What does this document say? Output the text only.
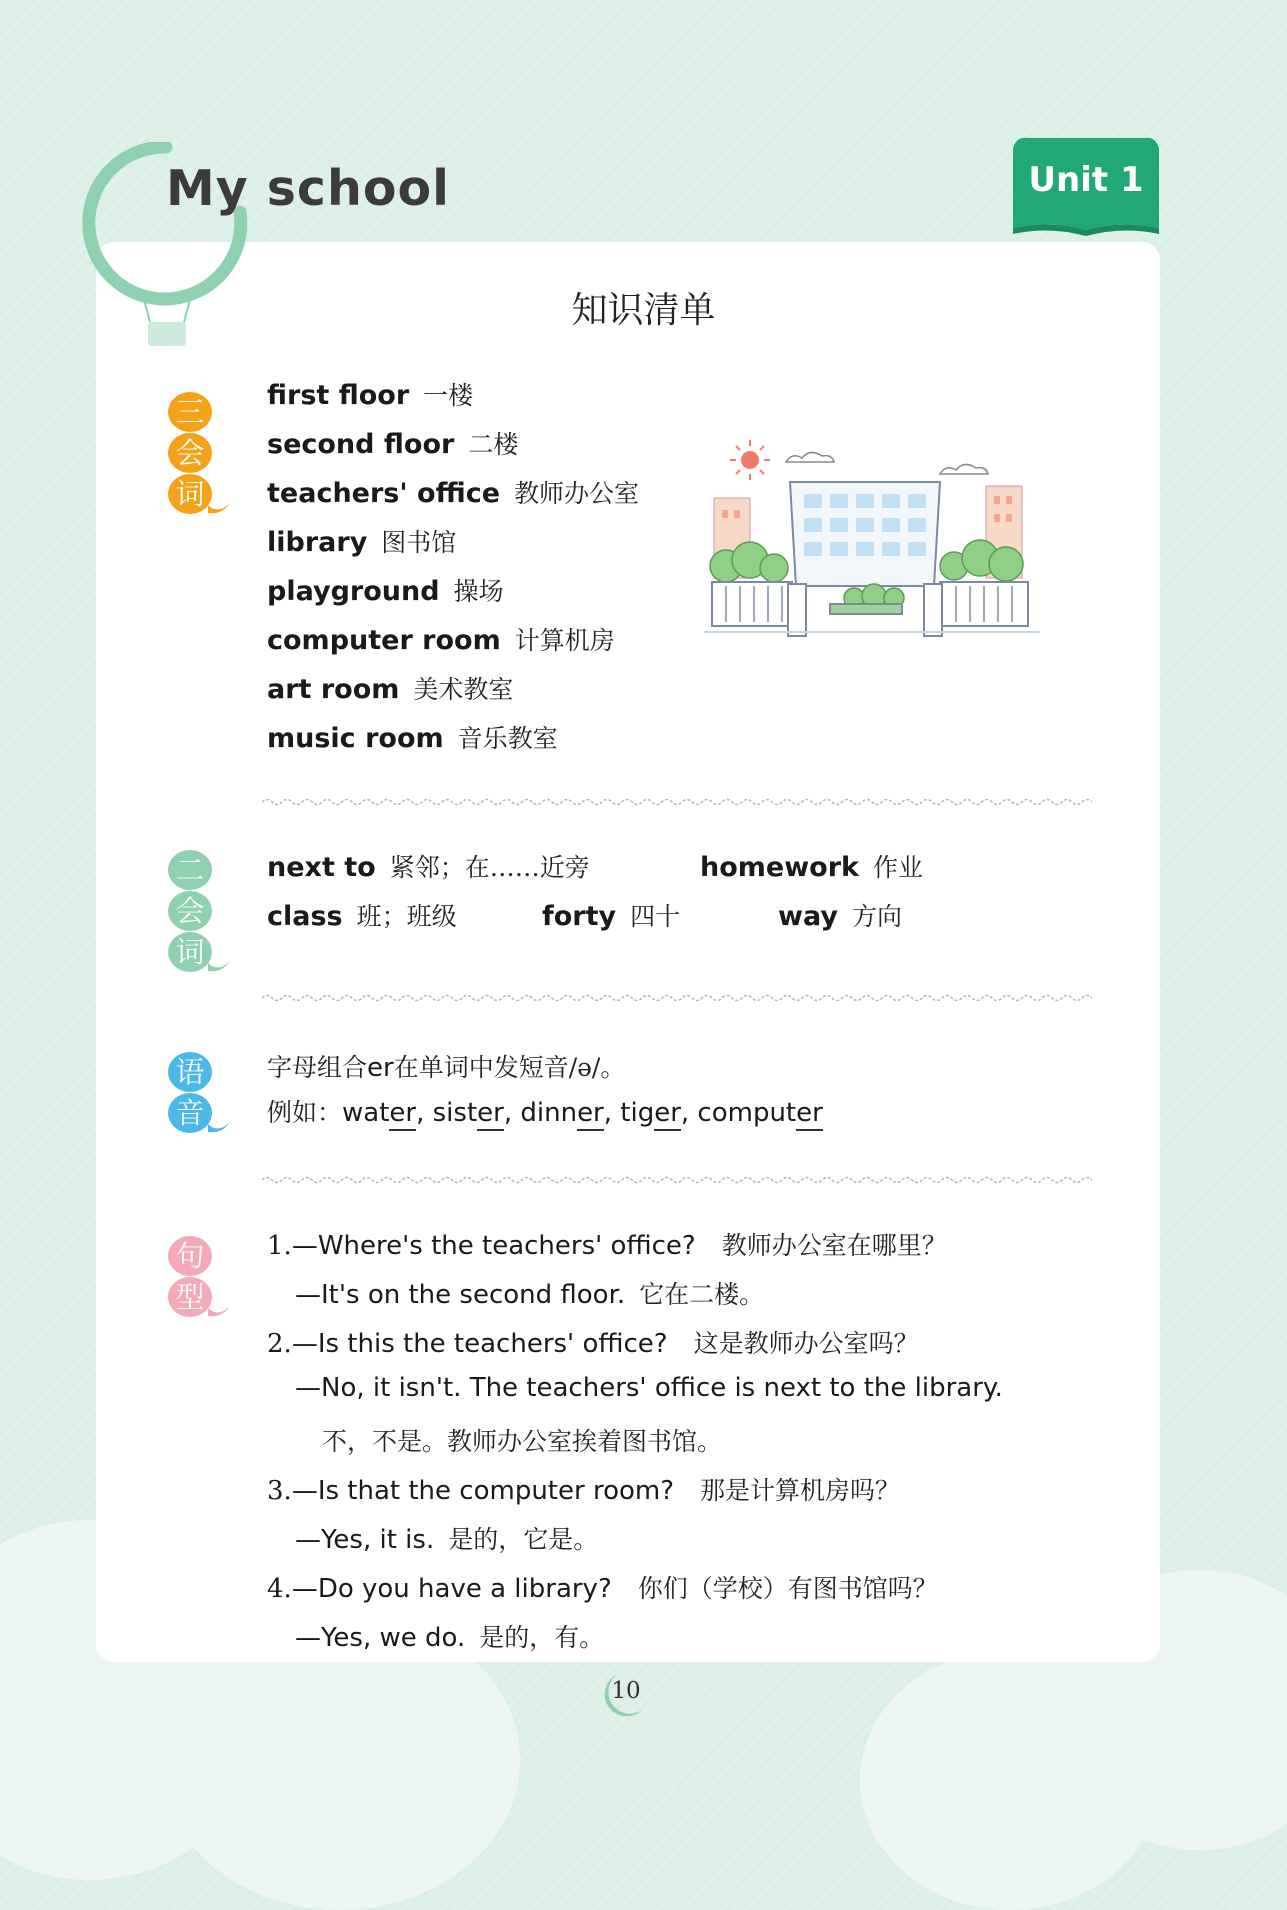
My school	Unit 1
知识清单
三
会
词
first floor 一楼
second floor 二楼
teachers' office 教师办公室
library 图书馆
playground 操场
computer room 计算机房
art room 美术教室
music room 音乐教室
二
会
词
next to 紧邻；在……近旁	homework 作业
class 班；班级	forty 四十	way 方向
语
音
字母组合er在单词中发短音/ə/。
例如：water, sister, dinner, tiger, computer
句
型
1.—Where's the teachers' office? 教师办公室在哪里？
—It's on the second floor. 它在二楼。
2.—Is this the teachers' office? 这是教师办公室吗？
—No, it isn't. The teachers' office is next to the library.
不，不是。教师办公室挨着图书馆。
3.—Is that the computer room? 那是计算机房吗？
—Yes, it is. 是的，它是。
4.—Do you have a library? 你们（学校）有图书馆吗？
—Yes, we do. 是的，有。
10
